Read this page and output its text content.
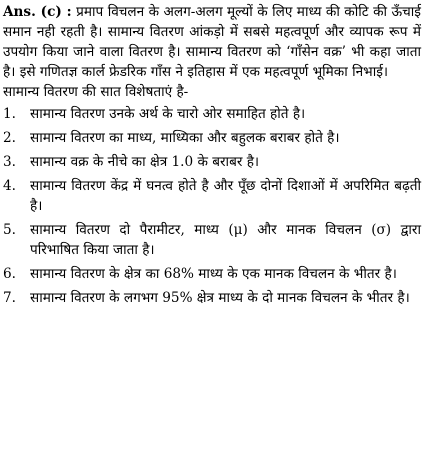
Ans. (c) : प्रमाप विचलन के अलग-अलग मूल्यों के लिए माध्य की कोटि की ऊँचाई समान नही रहती है। सामान्य वितरण आंकड़ो में सबसे महत्वपूर्ण और व्यापक रूप में उपयोग किया जाने वाला वितरण है। सामान्य वितरण को ‘गाँसेन वक्र’ भी कहा जाता है। इसे गणितज्ञ कार्ल फ्रेडरिक गाँस ने इतिहास में एक महत्वपूर्ण भूमिका निभाई।

सामान्य वितरण की सात विशेषताएं है-

1.	सामान्य वितरण उनके अर्थ के चारो ओर समाहित होते है।
2.	सामान्य वितरण का माध्य, माध्यिका और बहुलक बराबर होते है।
3.	सामान्य वक्र के नीचे का क्षेत्र 1.0 के बराबर है।
4.	सामान्य वितरण केंद्र में घनत्व होते है और पूँछ दोनों दिशाओं में अपरिमित बढ़ती है।
5.	सामान्य वितरण दो पैरामीटर, माध्य (μ) और मानक विचलन (σ) द्वारा परिभाषित किया जाता है।
6.	सामान्य वितरण के क्षेत्र का 68% माध्य के एक मानक विचलन के भीतर है।
7.	सामान्य वितरण के लगभग 95% क्षेत्र माध्य के दो मानक विचलन के भीतर है।
